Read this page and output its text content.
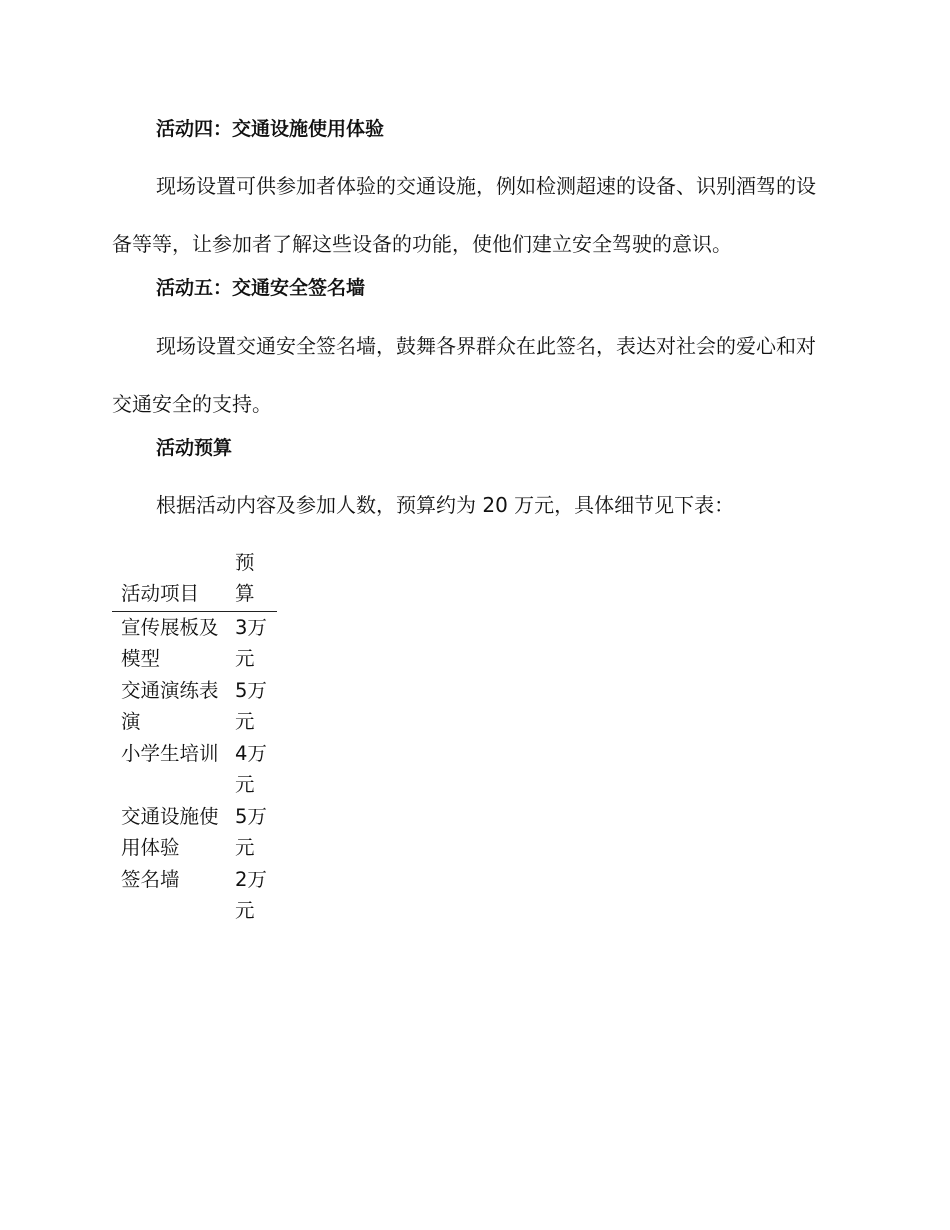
活动四：交通设施使用体验

现场设置可供参加者体验的交通设施，例如检测超速的设备、识别酒驾的设备等等，让参加者了解这些设备的功能，使他们建立安全驾驶的意识。

活动五：交通安全签名墙

现场设置交通安全签名墙，鼓舞各界群众在此签名，表达对社会的爱心和对交通安全的支持。

活动预算

根据活动内容及参加人数，预算约为 20 万元，具体细节见下表：

活动项目	预算
宣传展板及模型	3万元
交通演练表演	5万元
小学生培训	4万元
交通设施使用体验	5万元
签名墙	2万元
